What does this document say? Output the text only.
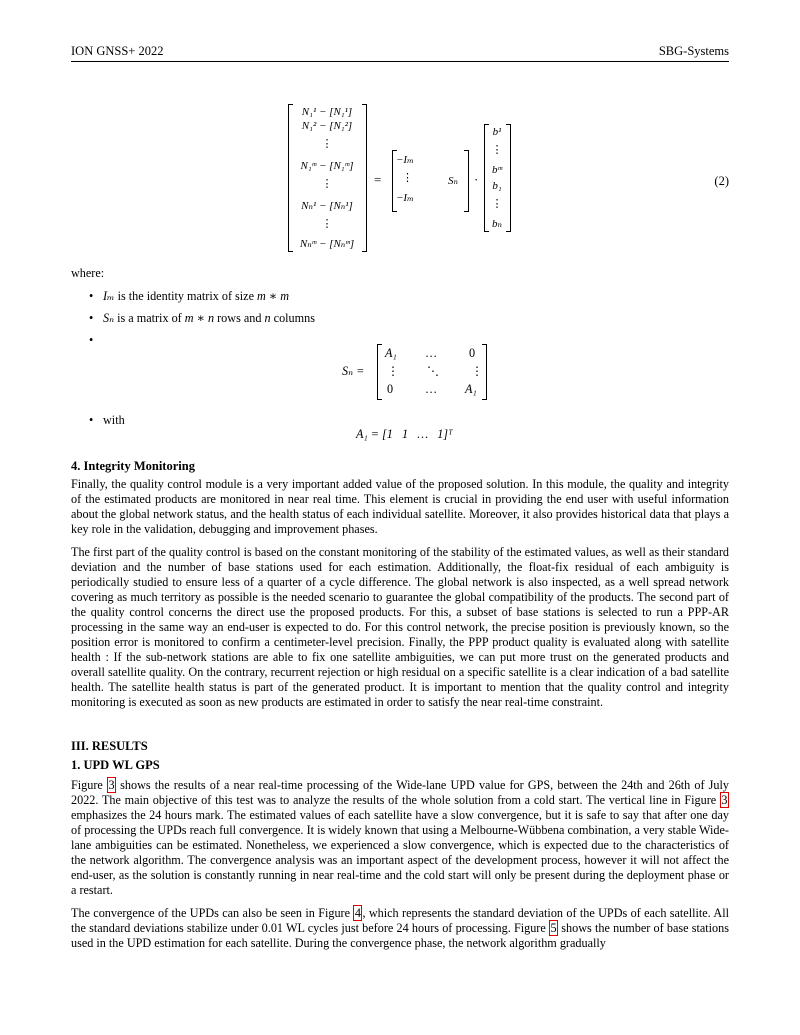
ION GNSS+ 2022	SBG-Systems
N₁¹ − [N₁¹]
N₁² − [N₁²]
⋮
N₁ᵐ − [N₁ᵐ]
⋮
Nₙ¹ − [Nₙ¹]
⋮
Nₙᵐ − [Nₙᵐ]
=
−Iₘ
⋮
−Iₘ
Sₙ ·
b¹
⋮
bᵐ
b₁
⋮
bₙ
(2)
where:
• Iₘ is the identity matrix of size m ∗ m
• Sₙ is a matrix of m ∗ n rows and n columns
•
Sₙ =
A₁ …	0
⋮ ⋱	⋮
0	… A₁
• with
A₁ = [1   1   …   1]ᵀ
4. Integrity Monitoring

Finally, the quality control module is a very important added value of the proposed solution. In this module, the quality and integrity of the estimated products are monitored in near real time. This element is crucial in providing the end user with useful information about the global network status, and the health status of each individual satellite. Moreover, it also provides historical data that plays a key role in the validation, debugging and improvement phases.

The first part of the quality control is based on the constant monitoring of the stability of the estimated values, as well as their standard deviation and the number of base stations used for each estimation. Additionally, the float-fix residual of each ambiguity is periodically studied to ensure less of a quarter of a cycle difference. The global network is also inspected, as a well spread network covering as much territory as possible is the needed scenario to guarantee the global compatibility of the products. The second part of the quality control concerns the direct use the proposed products. For this, a subset of base stations is selected to run a PPP-AR processing in the same way an end-user is expected to do. For this control network, the precise position is previously known, so the position error is monitored to confirm a centimeter-level precision. Finally, the PPP product quality is evaluated along with satellite health : If the sub-network stations are able to fix one satellite ambiguities, we can put more trust on the generated products and overall satellite quality. On the contrary, recurrent rejection or high residual on a specific satellite is a clear indication of a bad satellite health. The satellite health status is part of the generated product. It is important to mention that the quality control and integrity monitoring is executed as soon as new products are estimated in order to satisfy the near real-time constraint.

III. RESULTS
1. UPD WL GPS

Figure 3 shows the results of a near real-time processing of the Wide-lane UPD value for GPS, between the 24th and 26th of July 2022. The main objective of this test was to analyze the results of the whole solution from a cold start. The vertical line in Figure 3 emphasizes the 24 hours mark. The estimated values of each satellite have a slow convergence, but it is safe to say that after one day of processing the UPDs reach full convergence. It is widely known that using a Melbourne-Wübbena combination, a very stable Wide-lane ambiguities can be estimated. Nonetheless, we experienced a slow convergence, which is expected due to the characteristics of the network algorithm. The convergence analysis was an important aspect of the development process, however it will not affect the end-user, as the solution is constantly running in near real-time and the cold start will only be present during the deployment phase or a restart.

The convergence of the UPDs can also be seen in Figure 4 , which represents the standard deviation of the UPDs of each satellite. All the standard deviations stabilize under 0.01 WL cycles just before 24 hours of processing. Figure 5 shows the number of base stations used in the UPD estimation for each satellite. During the convergence phase, the network algorithm gradually
